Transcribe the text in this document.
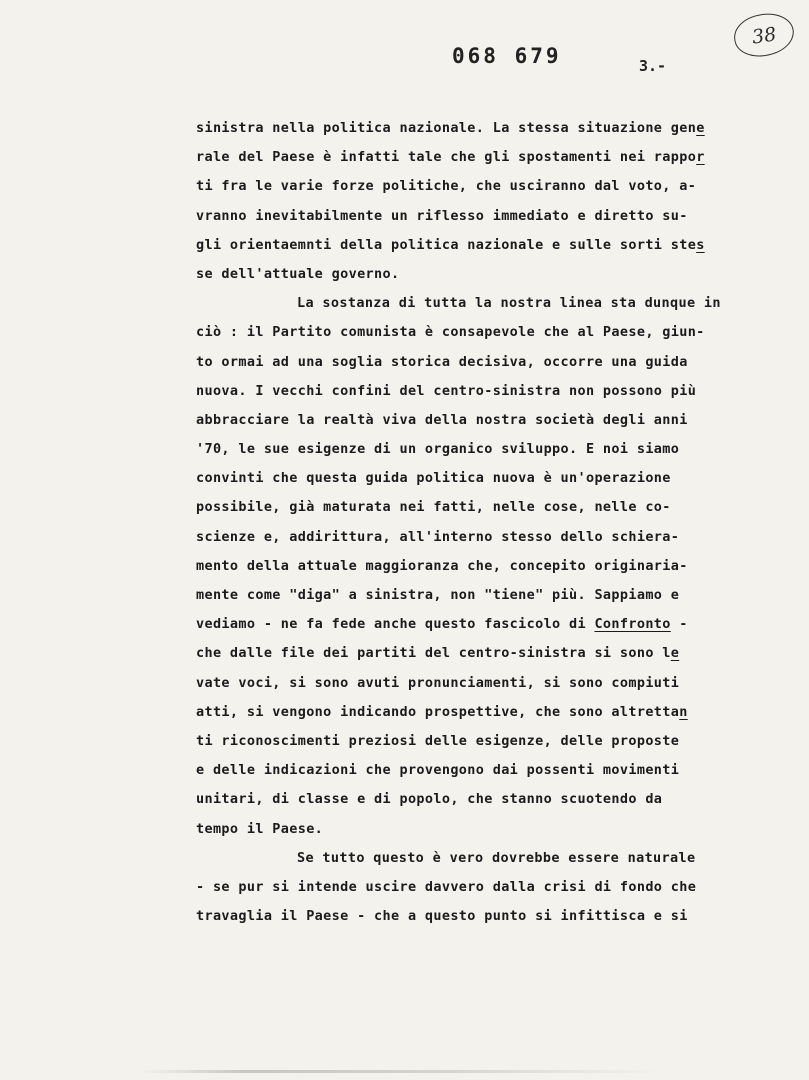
068 679	3.-
38
sinistra nella politica nazionale. La stessa situazione gene
rale del Paese è infatti tale che gli spostamenti nei rappor
ti fra le varie forze politiche, che usciranno dal voto, a-
vranno inevitabilmente un riflesso immediato e diretto su-
gli orientaemnti della politica nazionale e sulle sorti stes
se dell'attuale governo.
La sostanza di tutta la nostra linea sta dunque in
ciò : il Partito comunista è consapevole che al Paese, giun-
to ormai ad una soglia storica decisiva, occorre una guida
nuova. I vecchi confini del centro-sinistra non possono più
abbracciare la realtà viva della nostra società degli anni
'70, le sue esigenze di un organico sviluppo. E noi siamo
convinti che questa guida politica nuova è un'operazione
possibile, già maturata nei fatti, nelle cose, nelle co-
scienze e, addirittura, all'interno stesso dello schiera-
mento della attuale maggioranza che, concepito originaria-
mente come "diga" a sinistra, non "tiene" più. Sappiamo e
vediamo - ne fa fede anche questo fascicolo di Confronto -
che dalle file dei partiti del centro-sinistra si sono le
vate voci, si sono avuti pronunciamenti, si sono compiuti
atti, si vengono indicando prospettive, che sono altrettan
ti riconoscimenti preziosi delle esigenze, delle proposte
e delle indicazioni che provengono dai possenti movimenti
unitari, di classe e di popolo, che stanno scuotendo da
tempo il Paese.
Se tutto questo è vero dovrebbe essere naturale
- se pur si intende uscire davvero dalla crisi di fondo che
travaglia il Paese - che a questo punto si infittisca e si
